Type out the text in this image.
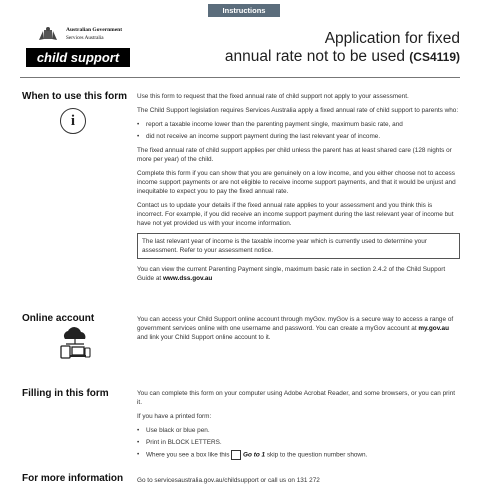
Instructions
Australian Government
Services Australia
child support
Application for fixed
annual rate not to be used (CS4119)
When to use this form
i

Use this form to request that the fixed annual rate of child support not apply to your assessment.

The Child Support legislation requires Services Australia apply a fixed annual rate of child support to parents who:

• report a taxable income lower than the parenting payment single, maximum basic rate, and
• did not receive an income support payment during the last relevant year of income.

The fixed annual rate of child support applies per child unless the parent has at least shared care (128 nights or more per year) of the child.

Complete this form if you can show that you are genuinely on a low income, and you either choose not to access income support payments or are not eligible to receive income support payments, and that it would be unjust and inequitable to expect you to pay the fixed annual rate.

Contact us to update your details if the fixed annual rate applies to your assessment and you think this is incorrect. For example, if you did receive an income support payment during the last relevant year of income but have not yet provided us with your income information.

The last relevant year of income is the taxable income year which is currently used to determine your assessment. Refer to your assessment notice.

You can view the current Parenting Payment single, maximum basic rate in section 2.4.2 of the Child Support Guide at www.dss.gov.au

Online account	You can access your Child Support online account through myGov. myGov is a secure way to access a range of government services online with one username and password. You can create a myGov account at my.gov.au and link your Child Support online account to it.

Filling in this form	You can complete this form on your computer using Adobe Acrobat Reader, and some browsers, or you can print it.

If you have a printed form:

• Use black or blue pen.
• Print in BLOCK LETTERS.
• Where you see a box like this Go to 1 skip to the question number shown.
For more information Go to servicesaustralia.gov.au/childsupport or call us on 131 272
